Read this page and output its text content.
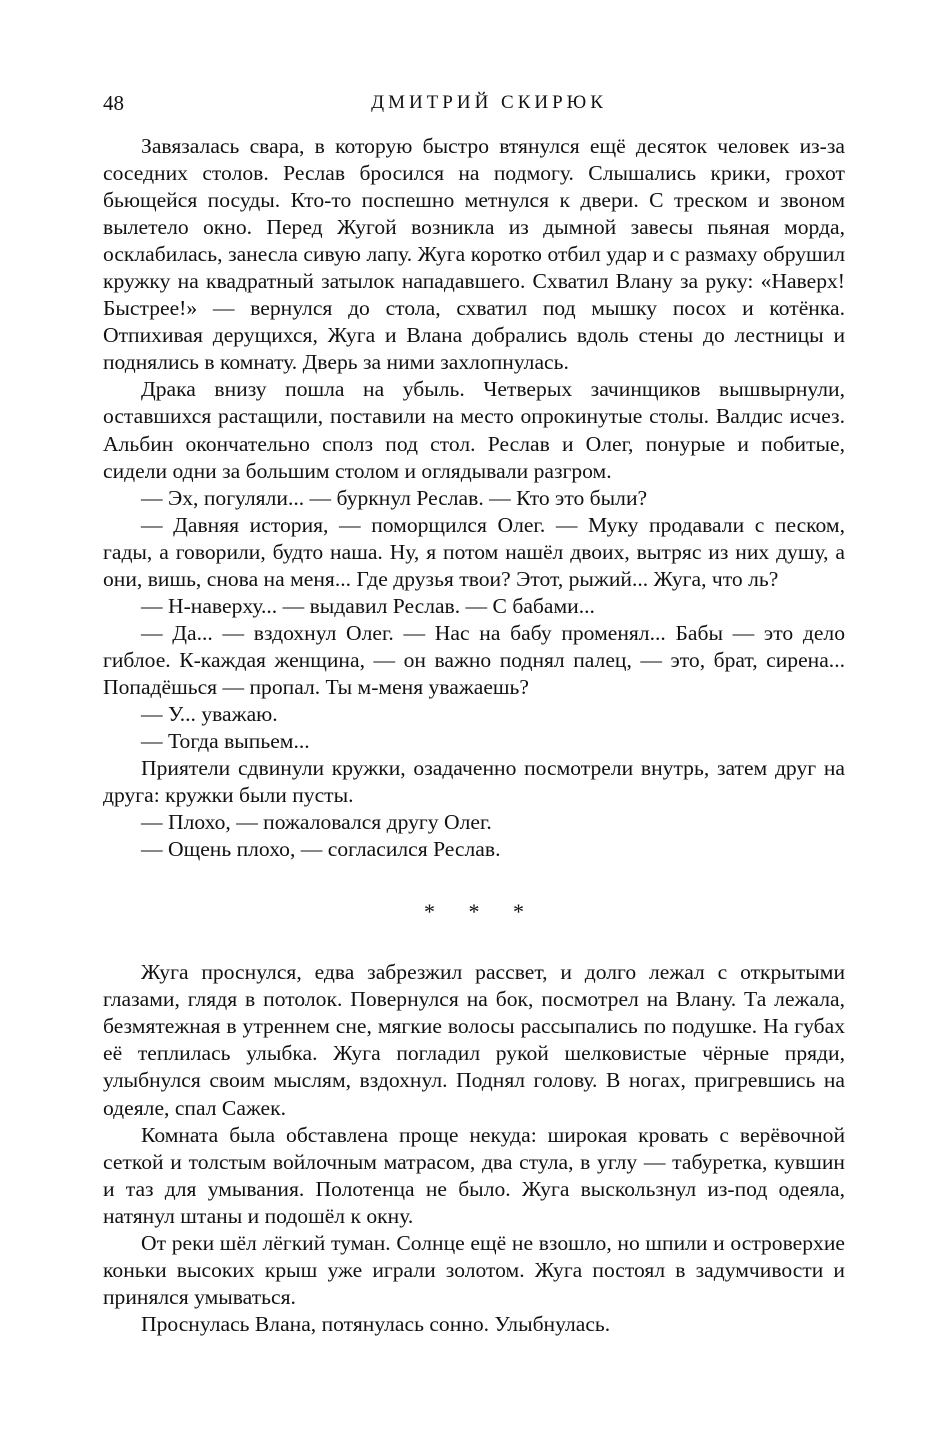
48	ДМИТРИЙ СКИРЮК

Завязалась свара, в которую быстро втянулся ещё десяток человек из-за соседних столов. Реслав бросился на подмогу. Слышались крики, грохот бьющейся посуды. Кто-то поспешно метнулся к двери. С треском и звоном вылетело окно. Перед Жугой возникла из дымной завесы пьяная морда, осклабилась, занесла сивую лапу. Жуга коротко отбил удар и с размаху обрушил кружку на квадратный затылок нападавшего. Схватил Влану за руку: «Наверх! Быстрее!» — вернулся до стола, схватил под мышку посох и котёнка. Отпихивая дерущихся, Жуга и Влана добрались вдоль стены до лестницы и поднялись в комнату. Дверь за ними захлопнулась.

Драка внизу пошла на убыль. Четверых зачинщиков вышвырнули, оставшихся растащили, поставили на место опрокинутые столы. Валдис исчез. Альбин окончательно сполз под стол. Реслав и Олег, понурые и побитые, сидели одни за большим столом и оглядывали разгром.

— Эх, погуляли... — буркнул Реслав. — Кто это были?

— Давняя история, — поморщился Олег. — Муку продавали с песком, гады, а говорили, будто наша. Ну, я потом нашёл двоих, вытряс из них душу, а они, вишь, снова на меня... Где друзья твои? Этот, рыжий... Жуга, что ль?

— Н-наверху... — выдавил Реслав. — С бабами...

— Да... — вздохнул Олег. — Нас на бабу променял... Бабы — это дело гиблое. К-каждая женщина, — он важно поднял палец, — это, брат, сирена... Попадёшься — пропал. Ты м-меня уважаешь?

— У... уважаю.

— Тогда выпьем...

Приятели сдвинули кружки, озадаченно посмотрели внутрь, затем друг на друга: кружки были пусты.

— Плохо, — пожаловался другу Олег.

— Ощень плохо, — согласился Реслав.

* * *

Жуга проснулся, едва забрезжил рассвет, и долго лежал с открытыми глазами, глядя в потолок. Повернулся на бок, посмотрел на Влану. Та лежала, безмятежная в утреннем сне, мягкие волосы рассыпались по подушке. На губах её теплилась улыбка. Жуга погладил рукой шелковистые чёрные пряди, улыбнулся своим мыслям, вздохнул. Поднял голову. В ногах, пригревшись на одеяле, спал Сажек.

Комната была обставлена проще некуда: широкая кровать с верёвочной сеткой и толстым войлочным матрасом, два стула, в углу — табуретка, кувшин и таз для умывания. Полотенца не было. Жуга выскользнул из-под одеяла, натянул штаны и подошёл к окну.

От реки шёл лёгкий туман. Солнце ещё не взошло, но шпили и островерхие коньки высоких крыш уже играли золотом. Жуга постоял в задумчивости и принялся умываться.

Проснулась Влана, потянулась сонно. Улыбнулась.
